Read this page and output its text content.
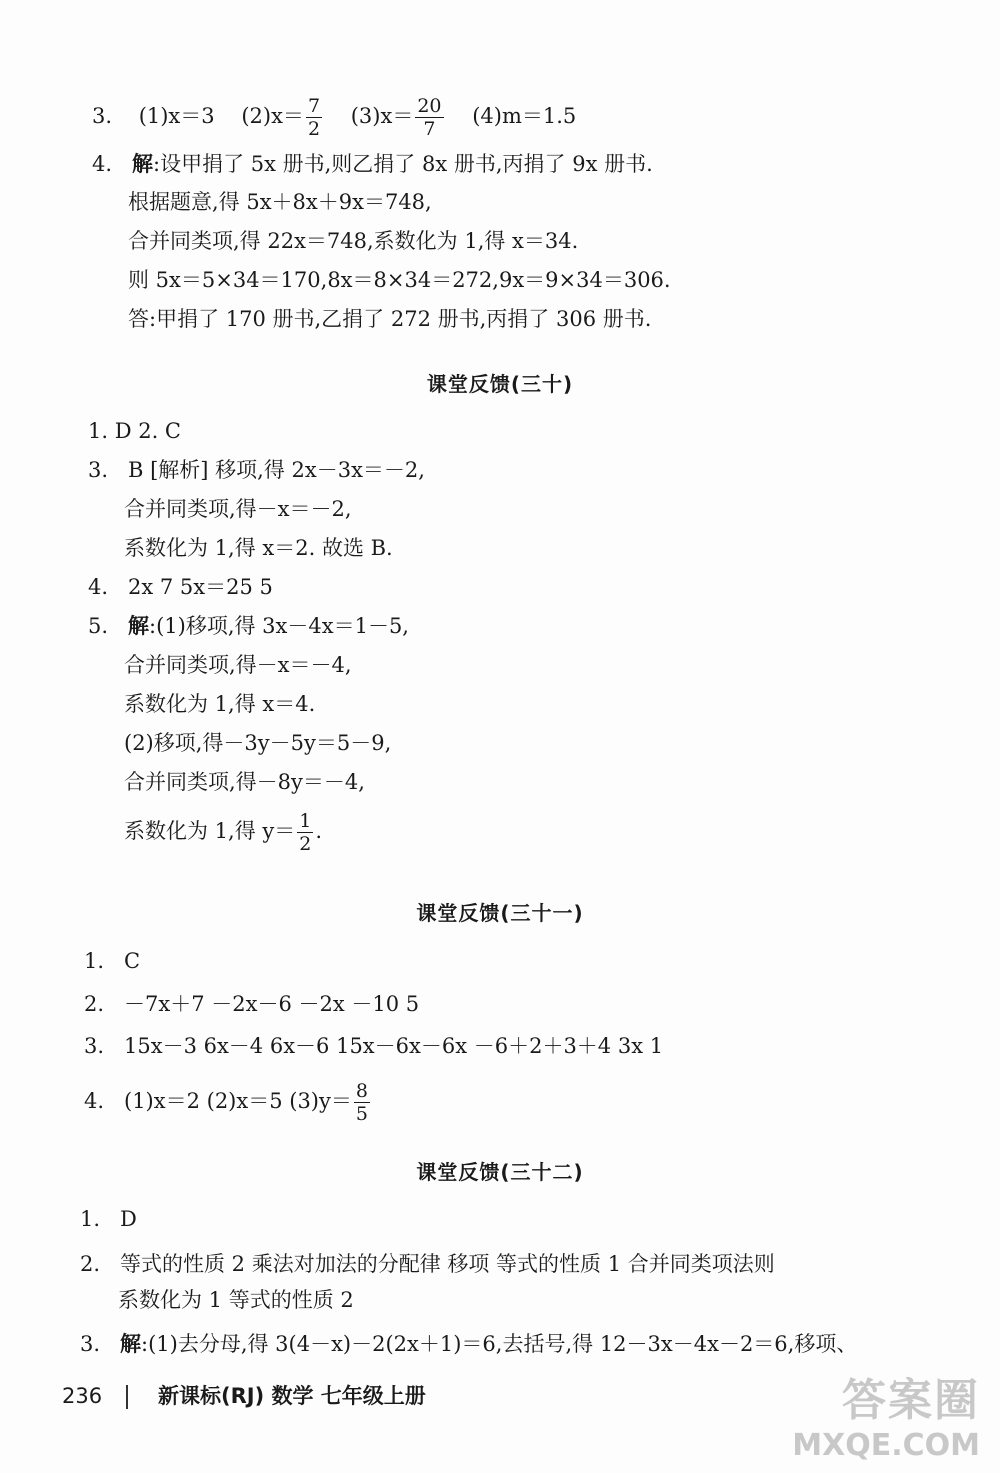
3. (1)x＝3 $(2)x= \frac{7}{2} (3)x= \frac{20}{7} (4)m=1.5$
4. 解:设甲捐了 5x 册书,则乙捐了 8x 册书,丙捐了 9x 册书.
根据题意,得 5x＋8x＋9x＝748,
合并同类项,得 22x＝748,系数化为 1,得 x＝34.
则 5x＝5×34＝170,8x＝8×34＝272,9x＝9×34＝306.
答:甲捐了 170 册书,乙捐了 272 册书,丙捐了 306 册书.
课堂反馈(三十)
1. D 2. C
3. B [解析] 移项,得 2x－3x＝－2,
合并同类项,得－x＝－2,
系数化为 1,得 x＝2. 故选 B.
4. 2x 7 5x＝25 5
5. 解:(1)移项,得 3x－4x＝1－5,
合并同类项,得－x＝－4,
系数化为 1,得 x＝4.
(2)移项,得－3y－5y＝5－9,
合并同类项,得－8y＝－4,
系数化为 1,得 $y= \frac{1}{2}$ .
课堂反馈(三十一)
1. C
2. －7x＋7 －2x－6 －2x －10 5
3. 15x－3 6x－4 6x－6 15x－6x－6x －6＋2＋3＋4 3x 1
4. (1)x＝2 (2)x＝5 $(3)y= \frac{8}{5}$
课堂反馈(三十二)
1. D
2. 等式的性质 2 乘法对加法的分配律 移项 等式的性质 1 合并同类项法则
系数化为 1 等式的性质 2
3. 解:(1)去分母,得 3(4－x)－2(2x＋1)＝6,去括号,得 12－3x－4x－2＝6,移项、
236	新课标(RJ) 数学 七年级上册	答案圈
MXQE.COM
